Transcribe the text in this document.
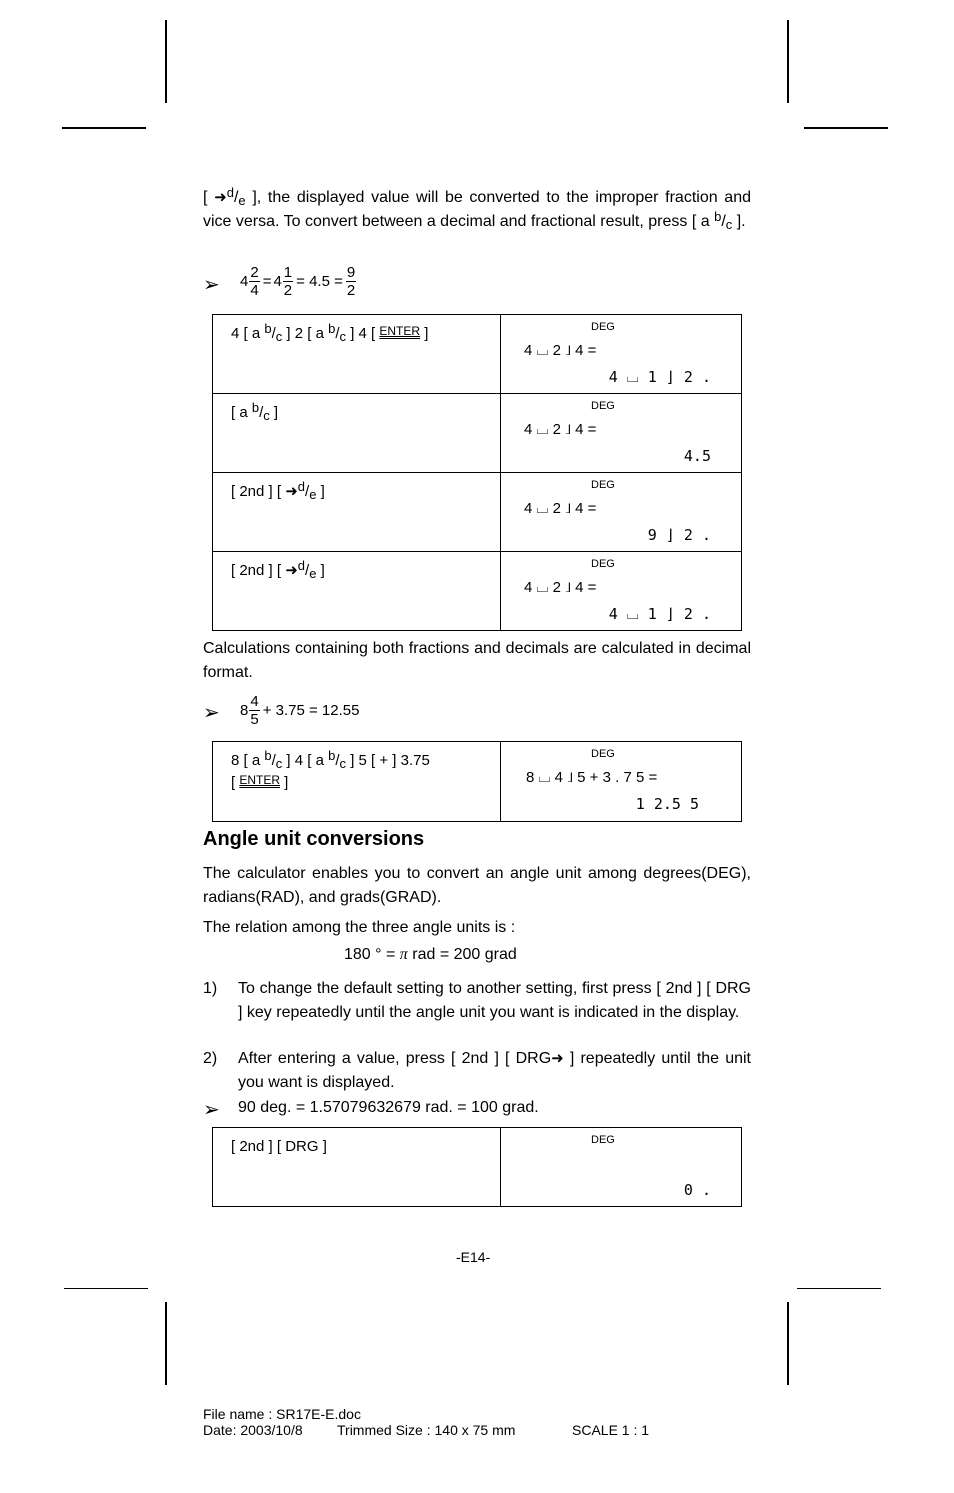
[ $➜^d/_e$ ], the displayed value will be converted to the improper fraction and vice versa. To convert between a decimal and fractional result, press [ a $^b/_c$ ].
➢ $4 \frac{2}{4} = 4 \frac{1}{2} = 4.5 = \frac{9}{2}$
4 [ a $^b/_c$ ] 2 [ a $^b/_c$ ] 4 [ ENTER ]	DEG
4 ⌴ 2 ⌋ 4 =
4 ⌴ 1 ⌋ 2 .

[ a $^b/_c$ ]	DEG
4 ⌴ 2 ⌋ 4 =
4.5

[ 2nd ] [ $➜^d/_e$ ]	DEG
4 ⌴ 2 ⌋ 4 =
9 ⌋ 2 .

[ 2nd ] [ $➜^d/_e$ ]	DEG
4 ⌴ 2 ⌋ 4 =
4 ⌴ 1 ⌋ 2 .
Calculations containing both fractions and decimals are calculated in decimal format.
➢ $8 \frac{4}{5} + 3.75 = 12.55$
8 [ a $^b/_c$ ] 4 [ a $^b/_c$ ] 5 [ + ] 3.75
[ ENTER ]

DEG
8 ⌴ 4 ⌋ 5 + 3 . 7 5 =
1 2.5 5
Angle unit conversions
The calculator enables you to convert an angle unit among degrees(DEG), radians(RAD), and grads(GRAD).
The relation among the three angle units is :
180 ° = π rad = 200 grad
1) To change the default setting to another setting, first press [ 2nd ] [ DRG ] key repeatedly until the angle unit you want is indicated in the display.
2) After entering a value, press [ 2nd ] [ DRG➜ ] repeatedly until the unit you want is displayed.
➢ 90 deg. = 1.57079632679 rad. = 100 grad.
[ 2nd ] [ DRG ]	DEG
0 .
-E14-
File name : SR17E-E.doc
Date: 2003/10/8 Trimmed Size : 140 x 75 mm	SCALE 1 : 1
